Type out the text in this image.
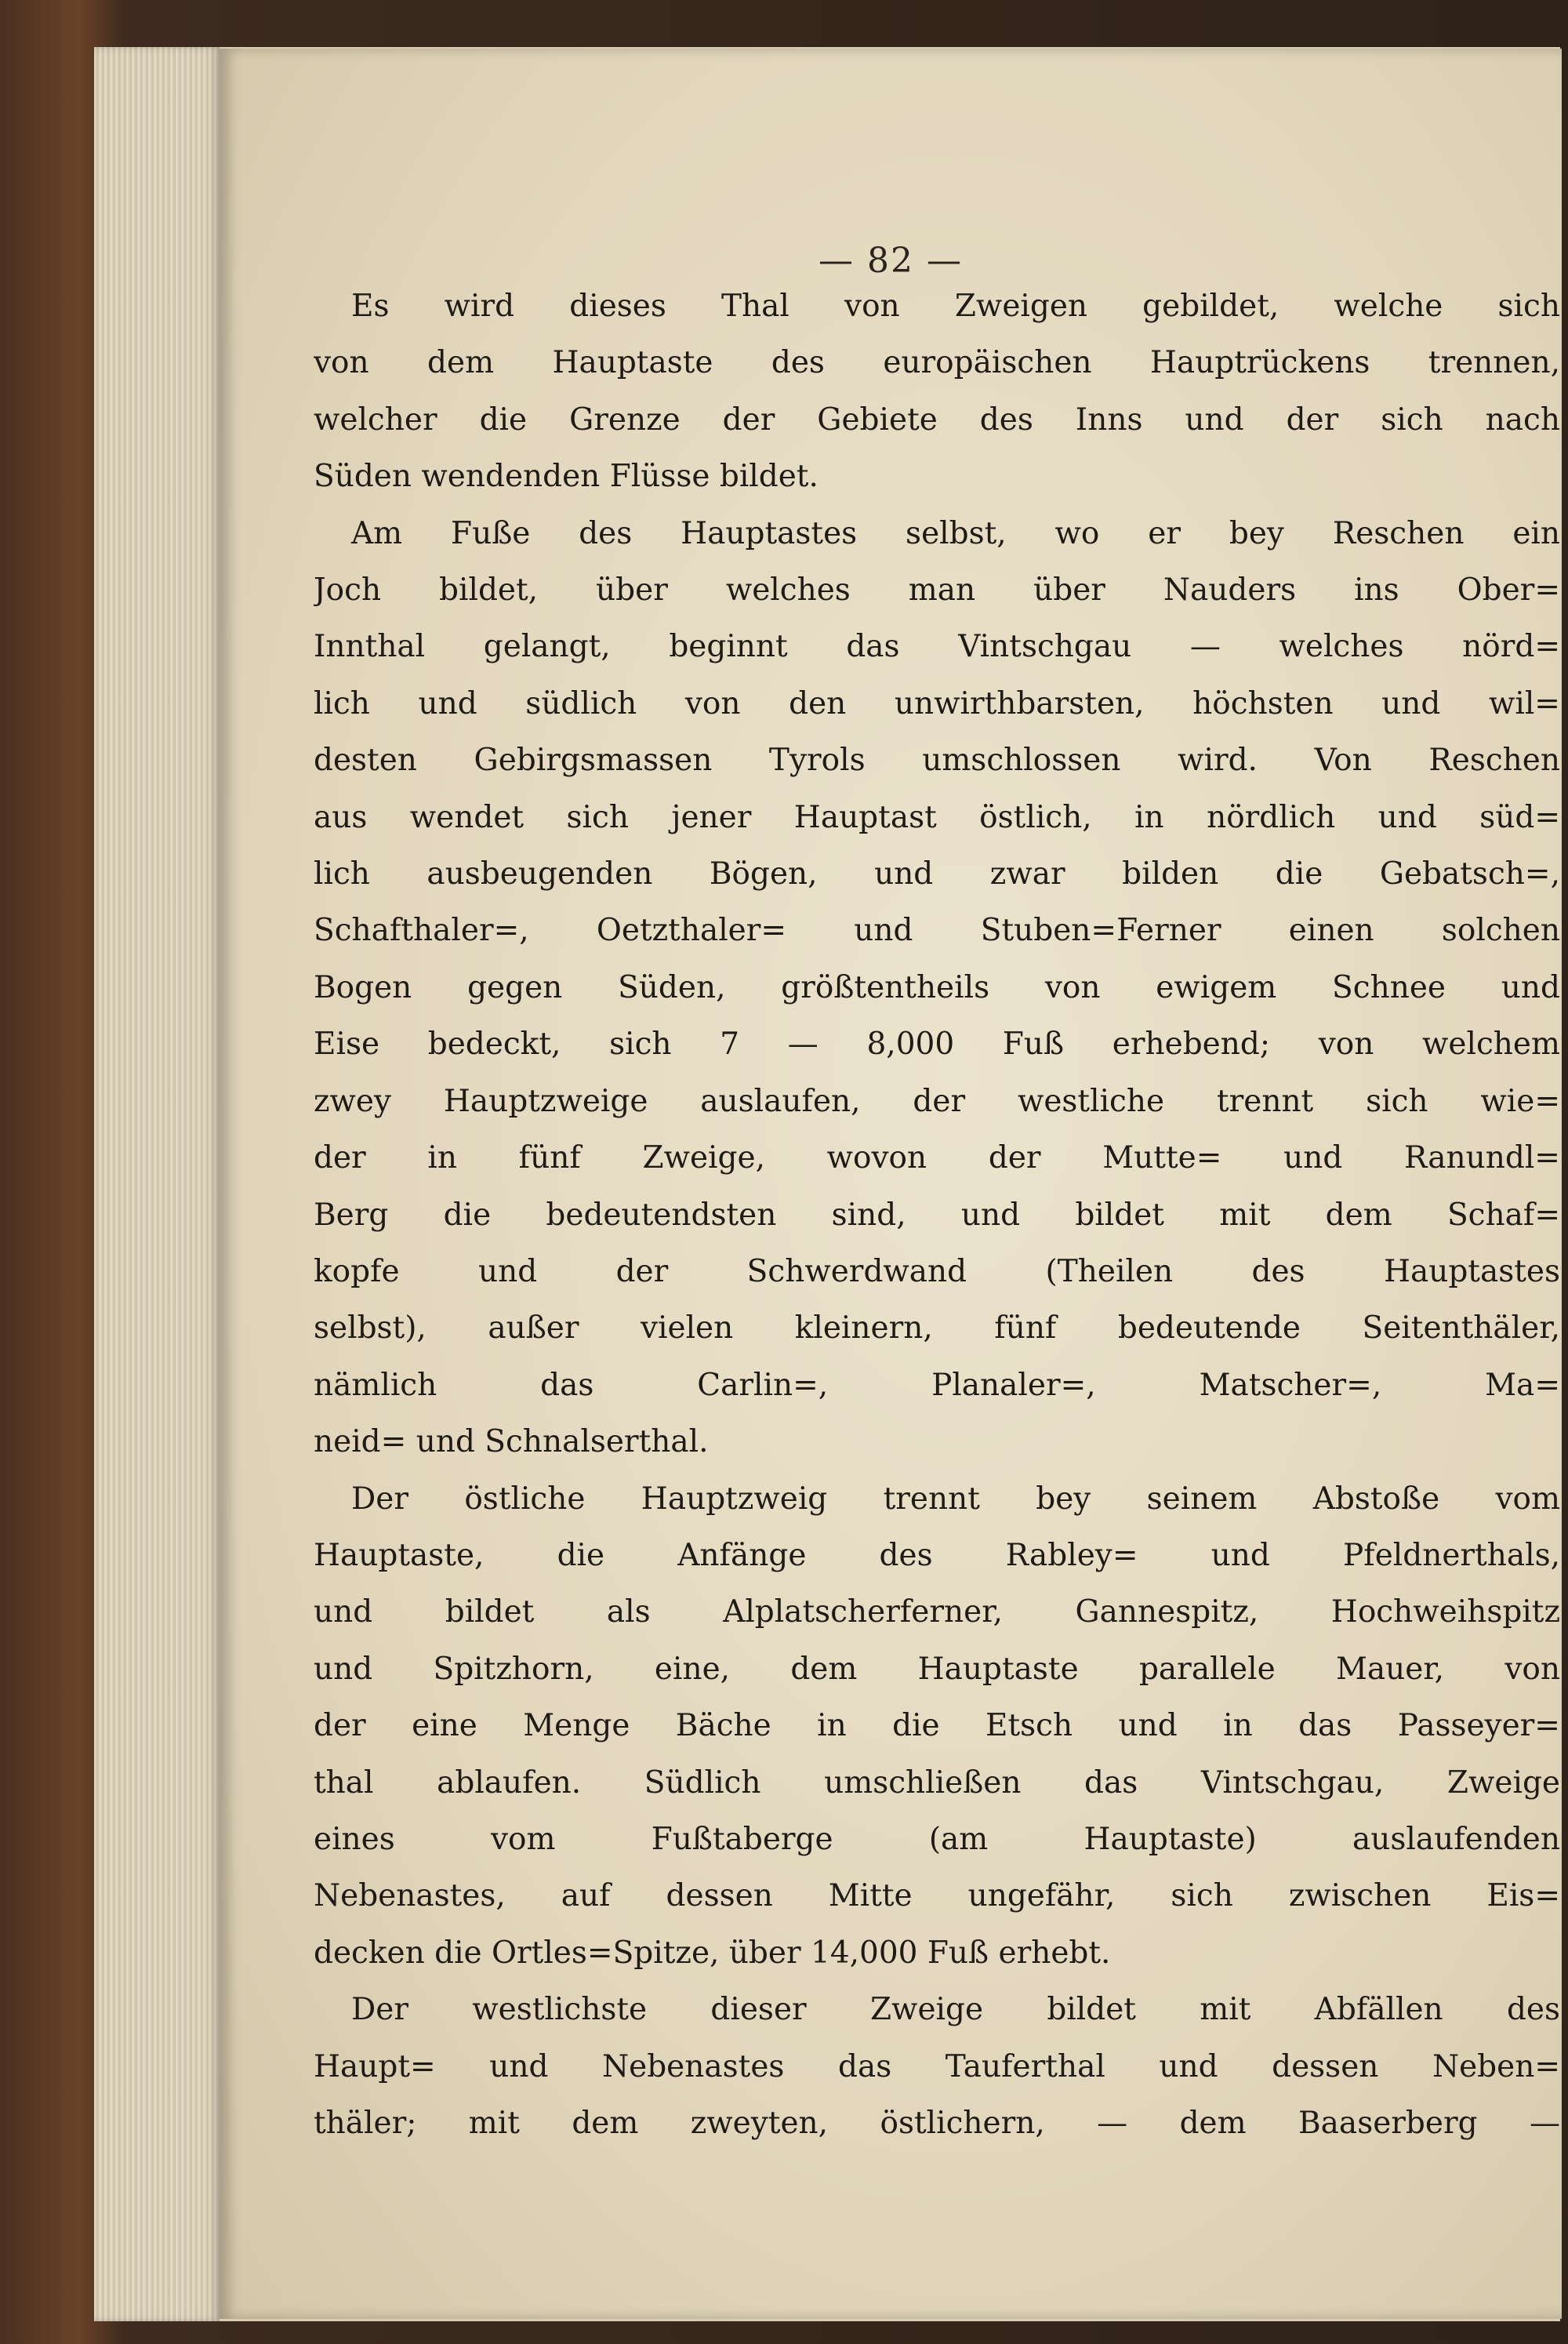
— 82 —
Es wird dieses Thal von Zweigen gebildet, welche sich
von dem Hauptaste des europäischen Hauptrückens trennen,
welcher die Grenze der Gebiete des Inns und der sich nach
Süden wendenden Flüsse bildet.
Am Fuße des Hauptastes selbst, wo er bey Reschen ein
Joch bildet, über welches man über Nauders ins Ober=
Innthal gelangt, beginnt das Vintschgau — welches nörd=
lich und südlich von den unwirthbarsten, höchsten und wil=
desten Gebirgsmassen Tyrols umschlossen wird. Von Reschen
aus wendet sich jener Hauptast östlich, in nördlich und süd=
lich ausbeugenden Bögen, und zwar bilden die Gebatsch=,
Schafthaler=, Oetzthaler= und Stuben=Ferner einen solchen
Bogen gegen Süden, größtentheils von ewigem Schnee und
Eise bedeckt, sich 7 — 8,000 Fuß erhebend; von welchem
zwey Hauptzweige auslaufen, der westliche trennt sich wie=
der in fünf Zweige, wovon der Mutte= und Ranundl=
Berg die bedeutendsten sind, und bildet mit dem Schaf=
kopfe und der Schwerdwand (Theilen des Hauptastes
selbst), außer vielen kleinern, fünf bedeutende Seitenthäler,
nämlich das Carlin=, Planaler=, Matscher=, Ma=
neid= und Schnalserthal.
Der östliche Hauptzweig trennt bey seinem Abstoße vom
Hauptaste, die Anfänge des Rabley= und Pfeldnerthals,
und bildet als Alplatscherferner, Gannespitz, Hochweihspitz
und Spitzhorn, eine, dem Hauptaste parallele Mauer, von
der eine Menge Bäche in die Etsch und in das Passeyer=
thal ablaufen. Südlich umschließen das Vintschgau, Zweige
eines vom Fußtaberge (am Hauptaste) auslaufenden
Nebenastes, auf dessen Mitte ungefähr, sich zwischen Eis=
decken die Ortles=Spitze, über 14,000 Fuß erhebt.
Der westlichste dieser Zweige bildet mit Abfällen des
Haupt= und Nebenastes das Tauferthal und dessen Neben=
thäler; mit dem zweyten, östlichern, — dem Baaserberg —
